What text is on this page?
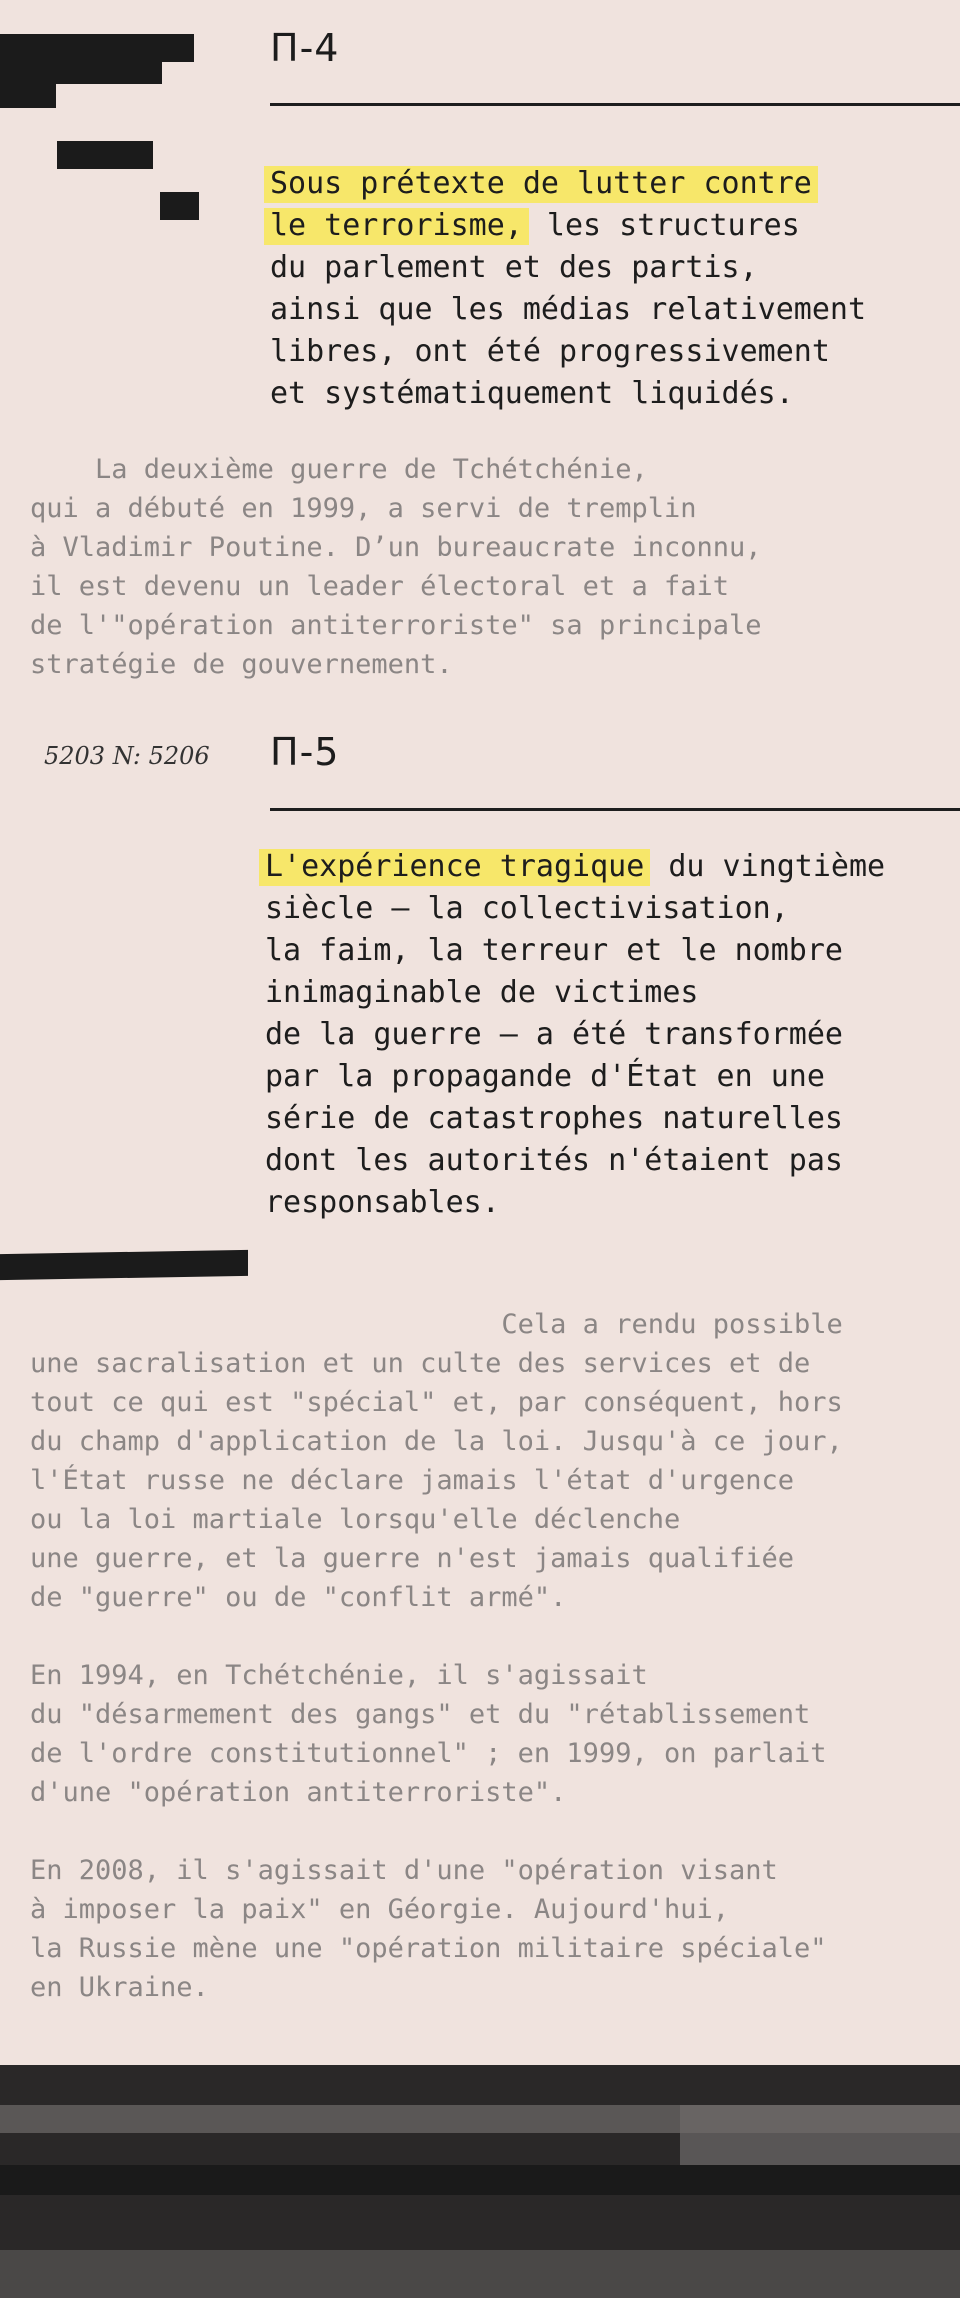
П-4
Sous prétexte de lutter contre
le terrorisme, les structures
du parlement et des partis,
ainsi que les médias relativement
libres, ont été progressivement
et systématiquement liquidés.
La deuxième guerre de Tchétchénie,
qui a débuté en 1999, a servi de tremplin
à Vladimir Poutine. D’un bureaucrate inconnu,
il est devenu un leader électoral et a fait
de l'"opération antiterroriste" sa principale
stratégie de gouvernement.
5203 N: 5206 П-5
L'expérience tragique du vingtième
siècle – la collectivisation,
la faim, la terreur et le nombre
inimaginable de victimes
de la guerre – a été transformée
par la propagande d'État en une
série de catastrophes naturelles
dont les autorités n'étaient pas
responsables.
Cela a rendu possible
une sacralisation et un culte des services et de
tout ce qui est "spécial" et, par conséquent, hors
du champ d'application de la loi. Jusqu'à ce jour,
l'État russe ne déclare jamais l'état d'urgence
ou la loi martiale lorsqu'elle déclenche
une guerre, et la guerre n'est jamais qualifiée
de "guerre" ou de "conflit armé".
En 1994, en Tchétchénie, il s'agissait
du "désarmement des gangs" et du "rétablissement
de l'ordre constitutionnel" ; en 1999, on parlait
d'une "opération antiterroriste".
En 2008, il s'agissait d'une "opération visant
à imposer la paix" en Géorgie. Aujourd'hui,
la Russie mène une "opération militaire spéciale"
en Ukraine.
